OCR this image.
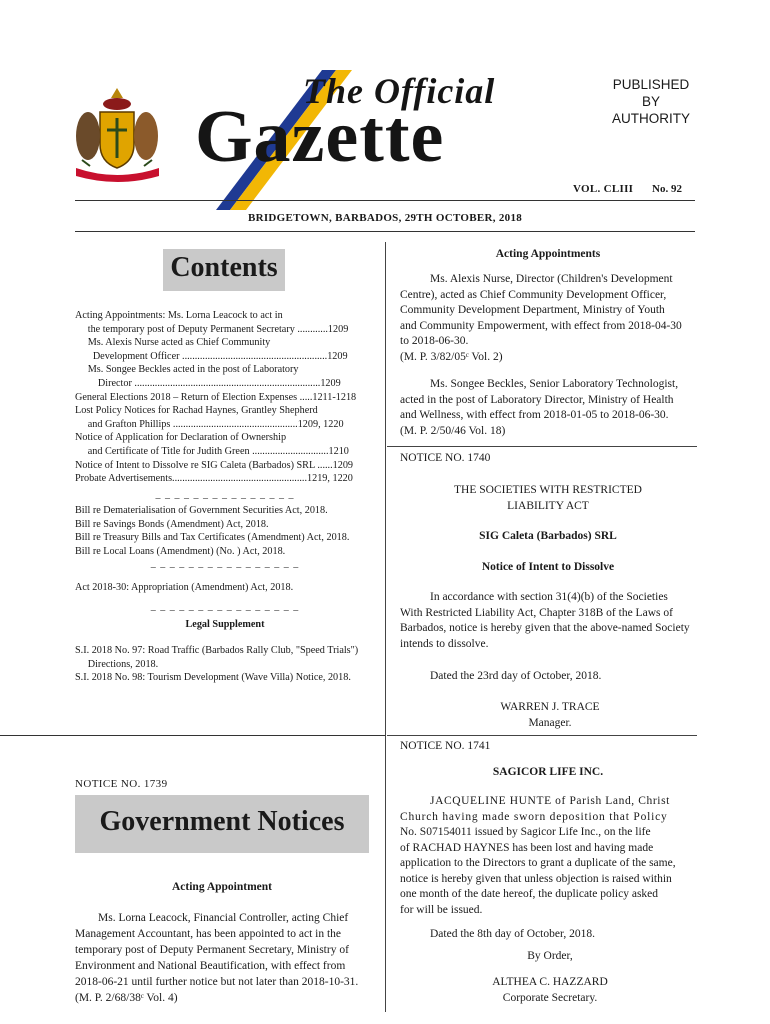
The Official
Gazette
PUBLISHED
BY
AUTHORITY
VOL. CLIII No. 92
BRIDGETOWN, BARBADOS, 29TH OCTOBER, 2018
Contents
Acting Appointments: Ms. Lorna Leacock to act in
the temporary post of Deputy Permanent Secretary ............1209
Ms. Alexis Nurse acted as Chief Community
Development Officer .........................................................1209
Ms. Songee Beckles acted in the post of Laboratory
Director .........................................................................1209
General Elections 2018 – Return of Election Expenses .....1211-1218
Lost Policy Notices for Rachad Haynes, Grantley Shepherd
and Grafton Phillips .................................................1209, 1220
Notice of Application for Declaration of Ownership
and Certificate of Title for Judith Green ..............................1210
Notice of Intent to Dissolve re SIG Caleta (Barbados) SRL ......1209
Probate Advertisements.....................................................1219, 1220
– – – – – – – – – – – – – – –
Bill re Dematerialisation of Government Securities Act, 2018.
Bill re Savings Bonds (Amendment) Act, 2018.
Bill re Treasury Bills and Tax Certificates (Amendment) Act, 2018.
Bill re Local Loans (Amendment) (No. ) Act, 2018.
– – – – – – – – – – – – – – – –
Act 2018-30: Appropriation (Amendment) Act, 2018.
– – – – – – – – – – – – – – – –
Legal Supplement
S.I. 2018 No. 97: Road Traffic (Barbados Rally Club, "Speed Trials")
Directions, 2018.
S.I. 2018 No. 98: Tourism Development (Wave Villa) Notice, 2018.
NOTICE NO. 1739
Government Notices
Acting Appointment
Ms. Lorna Leacock, Financial Controller, acting Chief
Management Accountant, has been appointed to act in the
temporary post of Deputy Permanent Secretary, Ministry of
Environment and National Beautification, with effect from
2018-06-21 until further notice but not later than 2018-10-31.
(M. P. 2/68/38ᶜ Vol. 4)
Acting Appointments
Ms. Alexis Nurse, Director (Children's Development
Centre), acted as Chief Community Development Officer,
Community Development Department, Ministry of Youth
and Community Empowerment, with effect from 2018-04-30
to 2018-06-30.
(M. P. 3/82/05ᶜ Vol. 2)
Ms. Songee Beckles, Senior Laboratory Technologist,
acted in the post of Laboratory Director, Ministry of Health
and Wellness, with effect from 2018-01-05 to 2018-06-30.
(M. P. 2/50/46 Vol. 18)
NOTICE NO. 1740
THE SOCIETIES WITH RESTRICTED
LIABILITY ACT
SIG Caleta (Barbados) SRL
Notice of Intent to Dissolve
In accordance with section 31(4)(b) of the Societies
With Restricted Liability Act, Chapter 318B of the Laws of
Barbados, notice is hereby given that the above-named Society
intends to dissolve.
Dated the 23rd day of October, 2018.
WARREN J. TRACE
Manager.
NOTICE NO. 1741
SAGICOR LIFE INC.
JACQUELINE HUNTE of Parish Land, Christ
Church having made sworn deposition that Policy
No. S07154011 issued by Sagicor Life Inc., on the life
of RACHAD HAYNES has been lost and having made
application to the Directors to grant a duplicate of the same,
notice is hereby given that unless objection is raised within
one month of the date hereof, the duplicate policy asked
for will be issued.
Dated the 8th day of October, 2018.
By Order,
ALTHEA C. HAZZARD
Corporate Secretary.
